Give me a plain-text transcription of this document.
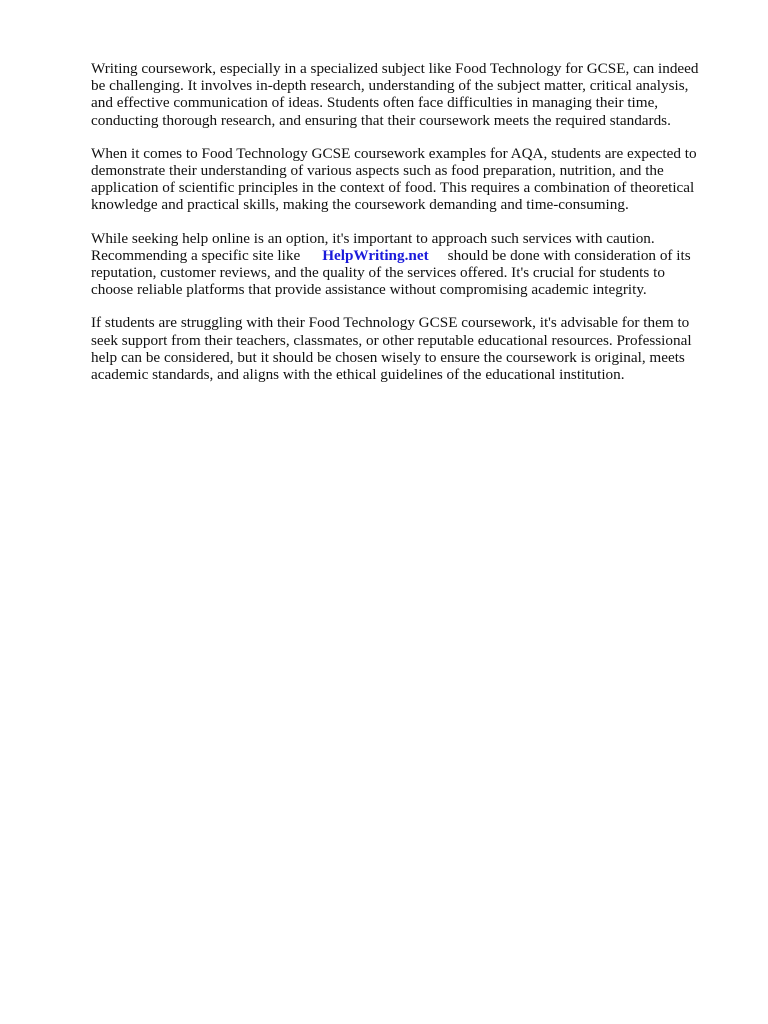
Writing coursework, especially in a specialized subject like Food Technology for GCSE, can indeed
be challenging. It involves in-depth research, understanding of the subject matter, critical analysis,
and effective communication of ideas. Students often face difficulties in managing their time,
conducting thorough research, and ensuring that their coursework meets the required standards.

When it comes to Food Technology GCSE coursework examples for AQA, students are expected to
demonstrate their understanding of various aspects such as food preparation, nutrition, and the
application of scientific principles in the context of food. This requires a combination of theoretical
knowledge and practical skills, making the coursework demanding and time-consuming.

While seeking help online is an option, it's important to approach such services with caution.
Recommending a specific site like HelpWriting.net should be done with consideration of its
reputation, customer reviews, and the quality of the services offered. It's crucial for students to
choose reliable platforms that provide assistance without compromising academic integrity.

If students are struggling with their Food Technology GCSE coursework, it's advisable for them to
seek support from their teachers, classmates, or other reputable educational resources. Professional
help can be considered, but it should be chosen wisely to ensure the coursework is original, meets
academic standards, and aligns with the ethical guidelines of the educational institution.
